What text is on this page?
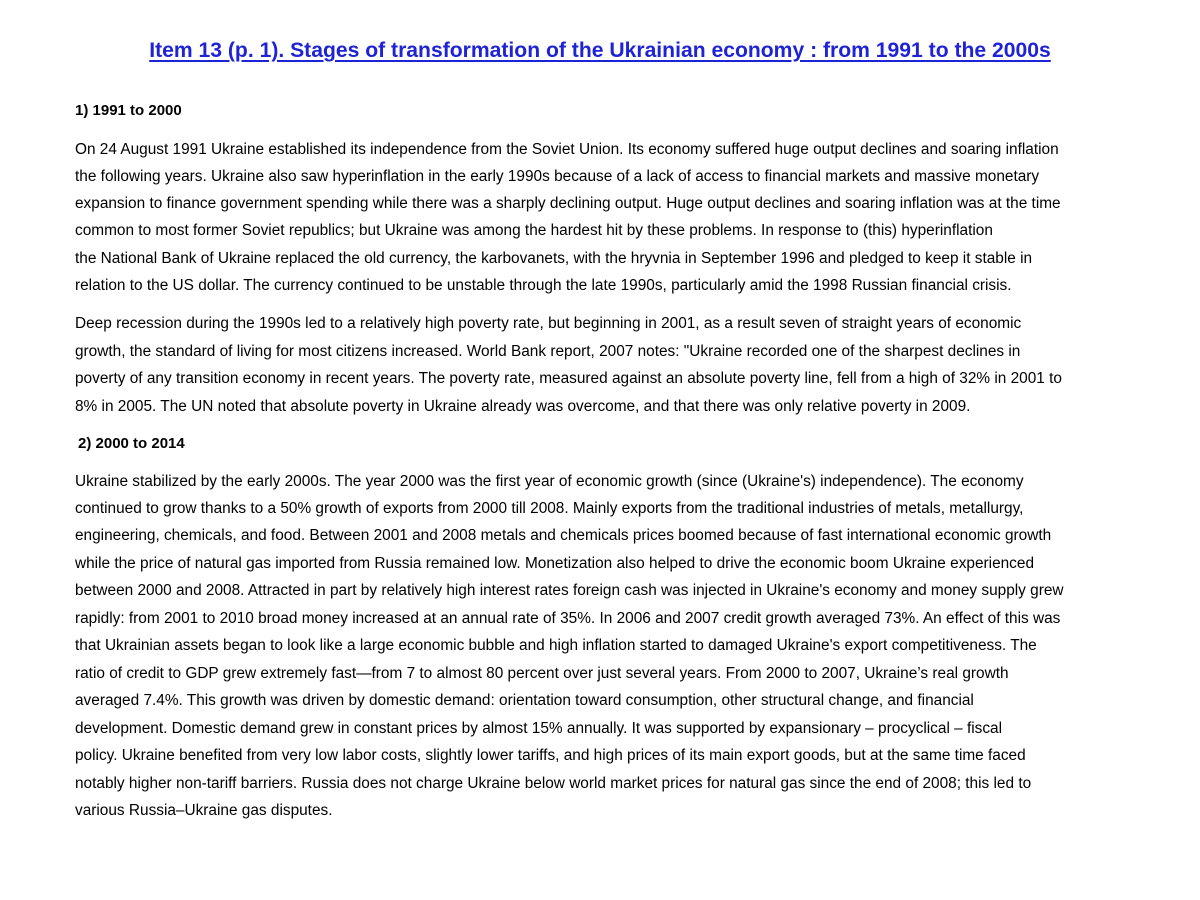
Item 13 (p. 1). Stages of transformation of the Ukrainian economy : from 1991 to the 2000s
1) 1991 to 2000
On 24 August 1991 Ukraine established its independence from the Soviet Union. Its economy suffered huge output declines and soaring inflation
the following years. Ukraine also saw hyperinflation in the early 1990s because of a lack of access to financial markets and massive monetary
expansion to finance government spending while there was a sharply declining output. Huge output declines and soaring inflation was at the time
common to most former Soviet republics; but Ukraine was among the hardest hit by these problems. In response to (this) hyperinflation
the National Bank of Ukraine replaced the old currency, the karbovanets, with the hryvnia in September 1996 and pledged to keep it stable in
relation to the US dollar. The currency continued to be unstable through the late 1990s, particularly amid the 1998 Russian financial crisis.
Deep recession during the 1990s led to a relatively high poverty rate, but beginning in 2001, as a result seven of straight years of economic
growth, the standard of living for most citizens increased. World Bank report, 2007 notes: "Ukraine recorded one of the sharpest declines in
poverty of any transition economy in recent years. The poverty rate, measured against an absolute poverty line, fell from a high of 32% in 2001 to
8% in 2005. The UN noted that absolute poverty in Ukraine already was overcome, and that there was only relative poverty in 2009.
2) 2000 to 2014
Ukraine stabilized by the early 2000s. The year 2000 was the first year of economic growth (since (Ukraine's) independence). The economy
continued to grow thanks to a 50% growth of exports from 2000 till 2008. Mainly exports from the traditional industries of metals, metallurgy,
engineering, chemicals, and food. Between 2001 and 2008 metals and chemicals prices boomed because of fast international economic growth
while the price of natural gas imported from Russia remained low. Monetization also helped to drive the economic boom Ukraine experienced
between 2000 and 2008. Attracted in part by relatively high interest rates foreign cash was injected in Ukraine's economy and money supply grew
rapidly: from 2001 to 2010 broad money increased at an annual rate of 35%. In 2006 and 2007 credit growth averaged 73%. An effect of this was
that Ukrainian assets began to look like a large economic bubble and high inflation started to damaged Ukraine's export competitiveness. The
ratio of credit to GDP grew extremely fast—from 7 to almost 80 percent over just several years. From 2000 to 2007, Ukraine’s real growth
averaged 7.4%. This growth was driven by domestic demand: orientation toward consumption, other structural change, and financial
development. Domestic demand grew in constant prices by almost 15% annually. It was supported by expansionary – procyclical – fiscal
policy. Ukraine benefited from very low labor costs, slightly lower tariffs, and high prices of its main export goods, but at the same time faced
notably higher non-tariff barriers. Russia does not charge Ukraine below world market prices for natural gas since the end of 2008; this led to
various Russia–Ukraine gas disputes.
